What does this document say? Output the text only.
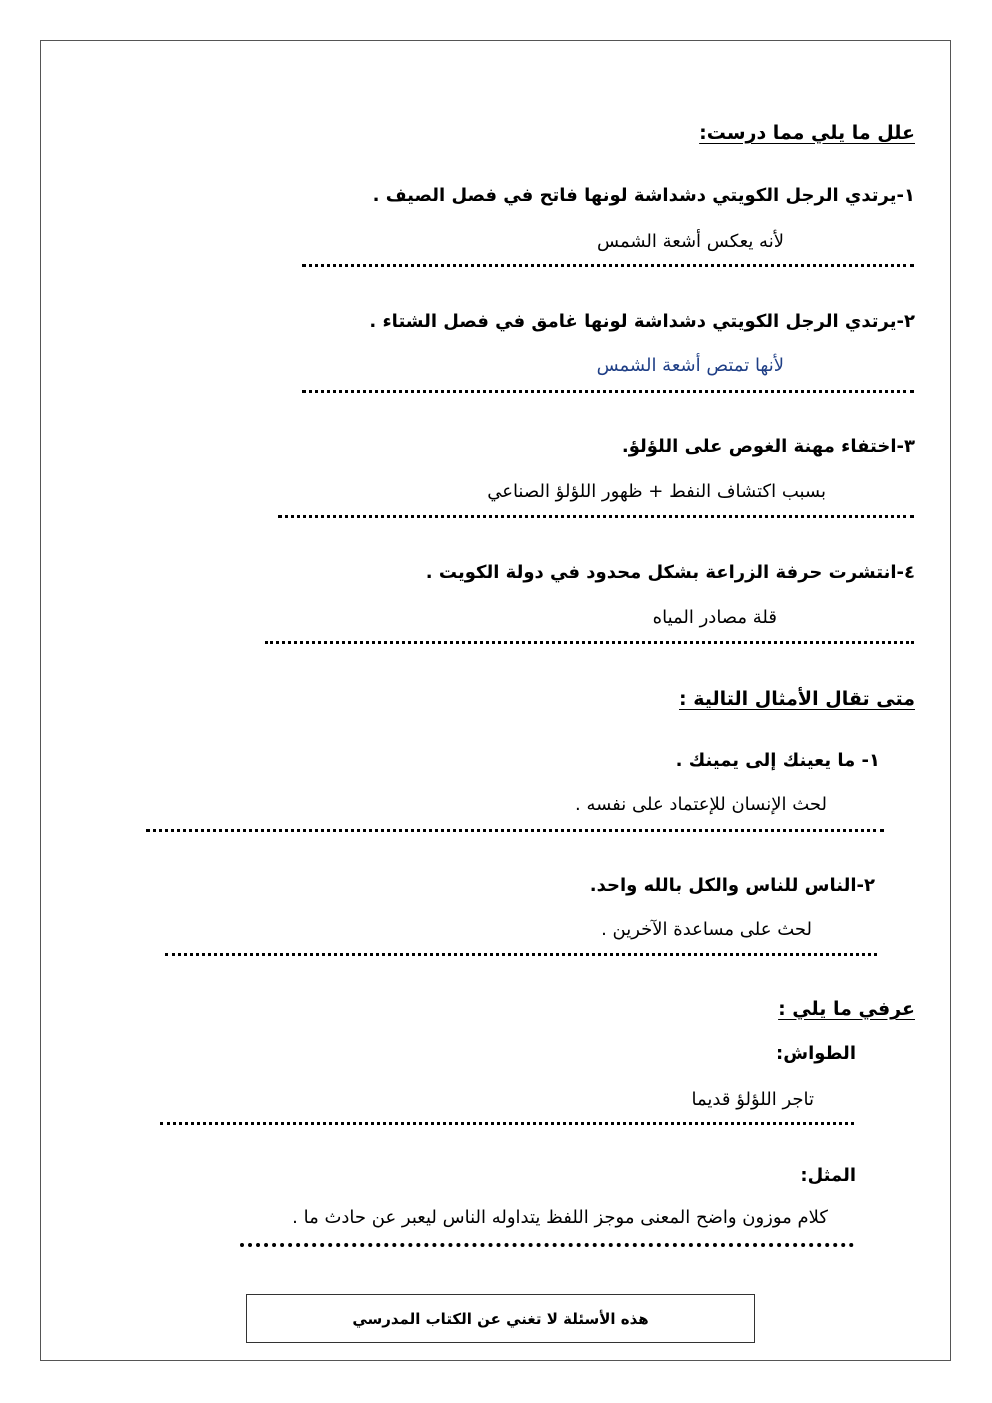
علل ما يلي مما درست:
١-يرتدي الرجل الكويتي دشداشة لونها فاتح في فصل الصيف .
لأنه يعكس أشعة الشمس
٢-يرتدي الرجل الكويتي دشداشة لونها غامق في فصل الشتاء .
لأنها تمتص أشعة الشمس
٣-اختفاء مهنة الغوص على اللؤلؤ.
بسبب اكتشاف النفط + ظهور اللؤلؤ الصناعي
٤-انتشرت حرفة الزراعة بشكل محدود في دولة الكويت .
قلة مصادر المياه
متى تقال الأمثال التالية :
١- ما يعينك إلى يمينك .
لحث الإنسان للإعتماد على نفسه .
٢-الناس للناس والكل بالله واحد.
لحث على مساعدة الآخرين .
عرفي ما يلي :
الطواش:
تاجر اللؤلؤ قديما
المثل:
كلام موزون واضح المعنى موجز اللفظ يتداوله الناس ليعبر عن حادث ما .
هذه الأسئلة لا تغني عن الكتاب المدرسي
